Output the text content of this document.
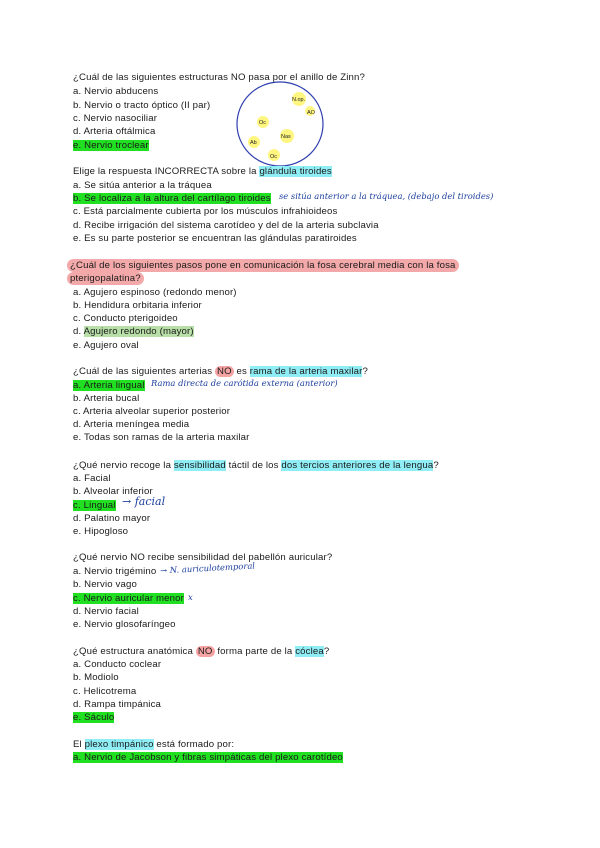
¿Cuál de las siguientes estructuras NO pasa por el anillo de Zinn?
a. Nervio abducens
b. Nervio o tracto óptico (II par)
c. Nervio nasociliar
d. Arteria oftálmica
e. Nervio troclear
N.op.
AO
Oc
Nas
Ab
Oc
Elige la respuesta INCORRECTA sobre la glándula tiroides
a. Se sitúa anterior a la tráquea
b. Se localiza a la altura del cartílago tiroides se sitúa anterior a la tráquea, (debajo del tiroides)
c. Está parcialmente cubierta por los músculos infrahioideos
d. Recibe irrigación del sistema carotídeo y del de la arteria subclavia
e. Es su parte posterior se encuentran las glándulas paratiroides
¿Cuál de los siguientes pasos pone en comunicación la fosa cerebral media con la fosa
pterigopalatina?
a. Agujero espinoso (redondo menor)
b. Hendidura orbitaria inferior
c. Conducto pterigoideo
d. Agujero redondo (mayor)
e. Agujero oval
¿Cuál de las siguientes arterias NO es rama de la arteria maxilar?
a. Arteria lingual Rama directa de carótida externa (anterior)
b. Arteria bucal
c. Arteria alveolar superior posterior
d. Arteria meníngea media
e. Todas son ramas de la arteria maxilar
¿Qué nervio recoge la sensibilidad táctil de los dos tercios anteriores de la lengua?
a. Facial
b. Alveolar inferior
c. Lingual → facial
d. Palatino mayor
e. Hipogloso
¿Qué nervio NO recibe sensibilidad del pabellón auricular?
a. Nervio trigémino → N. auriculotemporal
b. Nervio vago
c. Nervio auricular menor x
d. Nervio facial
e. Nervio glosofaríngeo
¿Qué estructura anatómica NO forma parte de la cóclea?
a. Conducto coclear
b. Modiolo
c. Helicotrema
d. Rampa timpánica
e. Sáculo
El plexo timpánico está formado por:
a. Nervio de Jacobson y fibras simpáticas del plexo carotídeo
